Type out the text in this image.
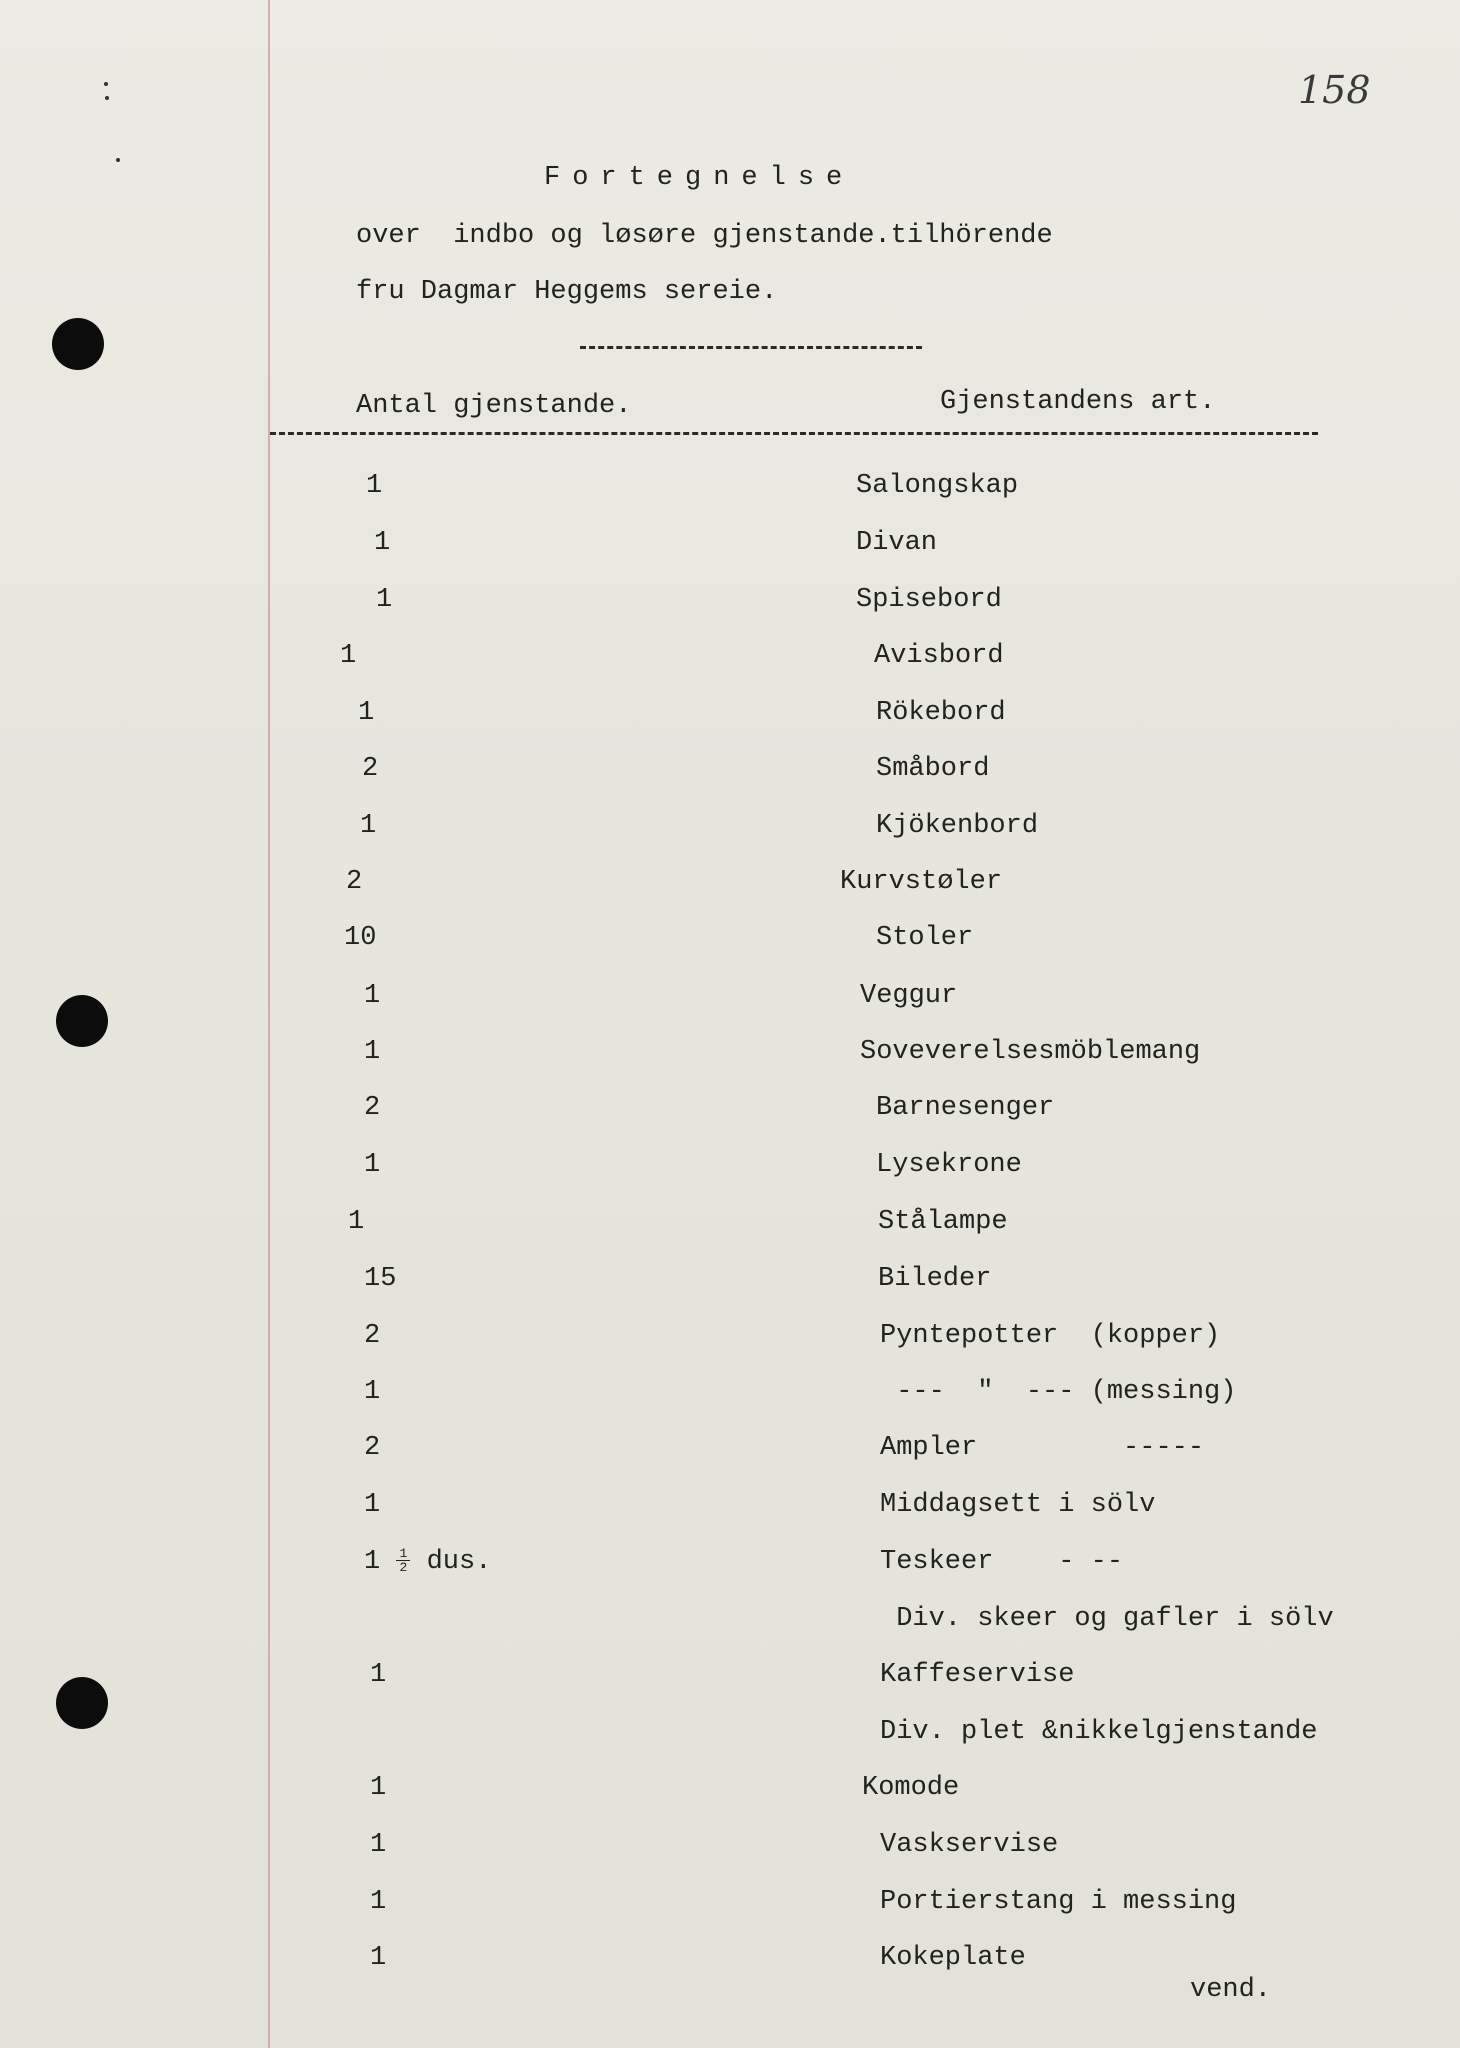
158
Fortegnelse
over  indbo og løsøre gjenstande.tilhörende
fru Dagmar Heggems sereie.
Antal gjenstande.	Gjenstandens art.
1	Salongskap
1	Divan
1	Spisebord
1	Avisbord
1	Rökebord
2	Småbord
1	Kjökenbord
2	Kurvstøler
10	Stoler
1	Veggur
1	Soveverelsesmöblemang
2	Barnesenger
1	Lysekrone
1	Stålampe
15	Bileder
2	Pyntepotter  (kopper)
1	---  "  --- (messing)
2	Ampler         -----
1	Middagsett i sölv
$1 \frac{1}{2}$ dus.	Teskeer    - --
Div. skeer og gafler i sölv
1	Kaffeservise
Div. plet &nikkelgjenstande
1	Komode
1	Vaskservise
1	Portierstang i messing
1	Kokeplate
vend.
